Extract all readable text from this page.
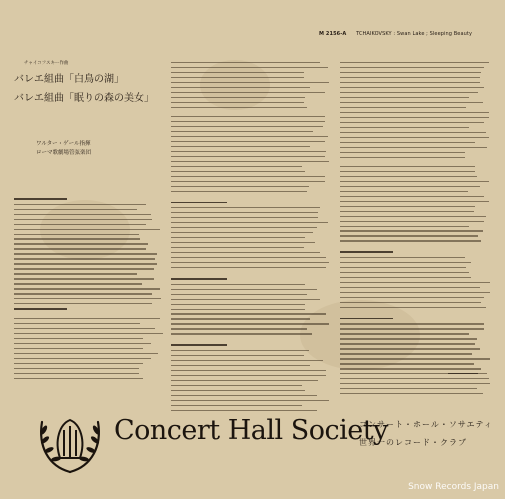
M 2156-A TCHAIKOVSKY : Swan Lake ; Sleeping Beauty
チャイコフスキー作曲
バレエ組曲「白鳥の湖」
バレエ組曲「眠りの森の美女」
ワルター・ゲール指揮
ローマ歌劇場管弦楽団
Concert Hall Society
コンサート・ホール・ソサエティ
世界一のレコード・クラブ
Snow Records Japan
